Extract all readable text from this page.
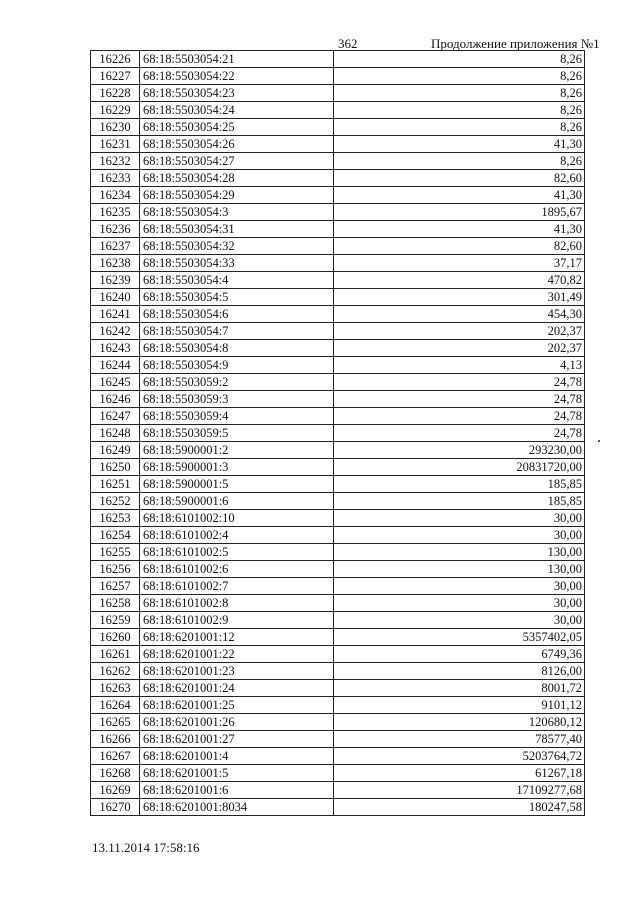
362	Продолжение приложения №1
16226	68:18:5503054:21	8,26
16227	68:18:5503054:22	8,26
16228	68:18:5503054:23	8,26
16229	68:18:5503054:24	8,26
16230	68:18:5503054:25	8,26
16231	68:18:5503054:26	41,30
16232	68:18:5503054:27	8,26
16233	68:18:5503054:28	82,60
16234	68:18:5503054:29	41,30
16235	68:18:5503054:3	1895,67
16236	68:18:5503054:31	41,30
16237	68:18:5503054:32	82,60
16238	68:18:5503054:33	37,17
16239	68:18:5503054:4	470,82
16240	68:18:5503054:5	301,49
16241	68:18:5503054:6	454,30
16242	68:18:5503054:7	202,37
16243	68:18:5503054:8	202,37
16244	68:18:5503054:9	4,13
16245	68:18:5503059:2	24,78
16246	68:18:5503059:3	24,78
16247	68:18:5503059:4	24,78
16248	68:18:5503059:5	24,78
16249	68:18:5900001:2	293230,00
16250	68:18:5900001:3	20831720,00
16251	68:18:5900001:5	185,85
16252	68:18:5900001:6	185,85
16253	68:18:6101002:10	30,00
16254	68:18:6101002:4	30,00
16255	68:18:6101002:5	130,00
16256	68:18:6101002:6	130,00
16257	68:18:6101002:7	30,00
16258	68:18:6101002:8	30,00
16259	68:18:6101002:9	30,00
16260	68:18:6201001:12	5357402,05
16261	68:18:6201001:22	6749,36
16262	68:18:6201001:23	8126,00
16263	68:18:6201001:24	8001,72
16264	68:18:6201001:25	9101,12
16265	68:18:6201001:26	120680,12
16266	68:18:6201001:27	78577,40
16267	68:18:6201001:4	5203764,72
16268	68:18:6201001:5	61267,18
16269	68:18:6201001:6	17109277,68
16270	68:18:6201001:8034	180247,58
13.11.2014 17:58:16
